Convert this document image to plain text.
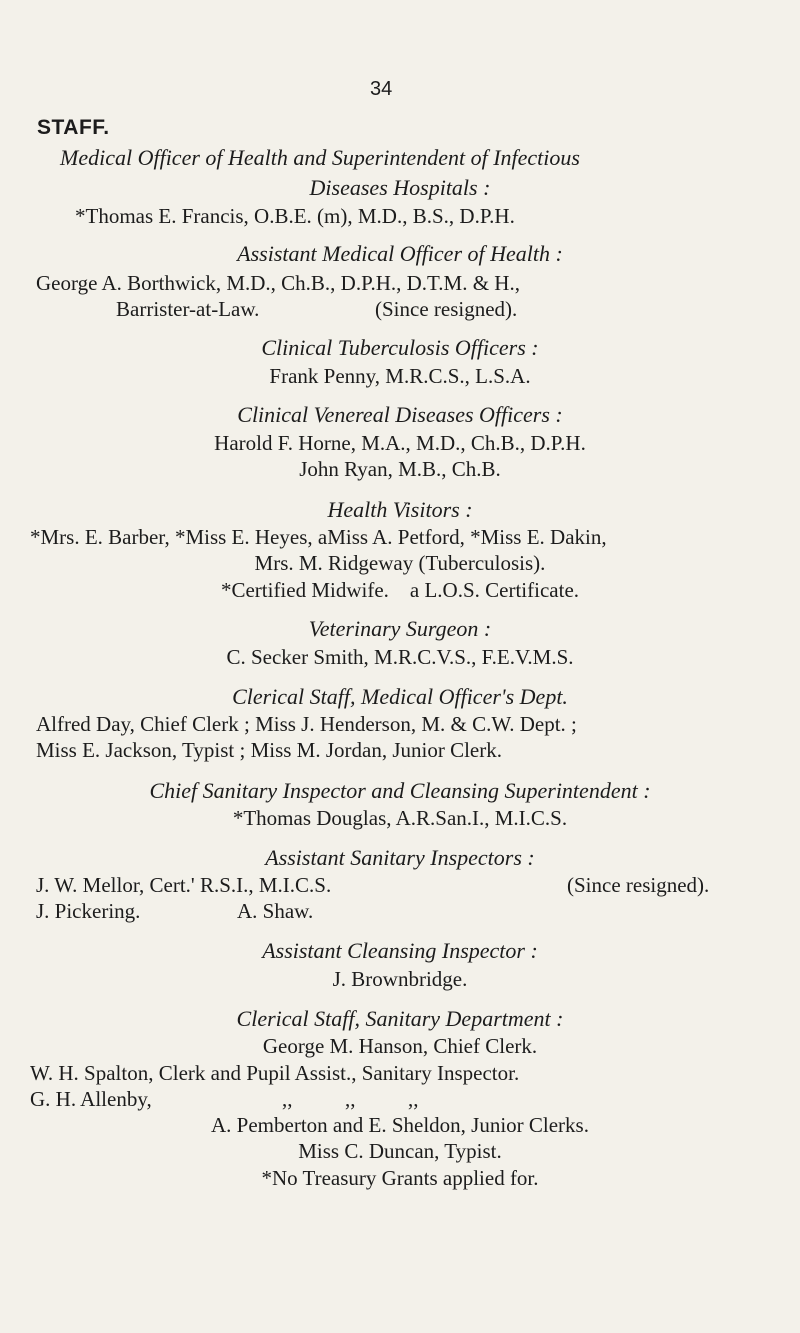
34
STAFF.
Medical Officer of Health and Superintendent of Infectious
Diseases Hospitals :
*Thomas E. Francis, O.B.E. (m), M.D., B.S., D.P.H.
Assistant Medical Officer of Health :
George A. Borthwick, M.D., Ch.B., D.P.H., D.T.M. & H.,
Barrister-at-Law.	(Since resigned).
Clinical Tuberculosis Officers :
Frank Penny, M.R.C.S., L.S.A.
Clinical Venereal Diseases Officers :
Harold F. Horne, M.A., M.D., Ch.B., D.P.H.
John Ryan, M.B., Ch.B.
Health Visitors :
*Mrs. E. Barber, *Miss E. Heyes, aMiss A. Petford, *Miss E. Dakin,
Mrs. M. Ridgeway (Tuberculosis).
*Certified Midwife.    a L.O.S. Certificate.
Veterinary Surgeon :
C. Secker Smith, M.R.C.V.S., F.E.V.M.S.
Clerical Staff, Medical Officer's Dept.
Alfred Day, Chief Clerk ; Miss J. Henderson, M. & C.W. Dept. ;
Miss E. Jackson, Typist ; Miss M. Jordan, Junior Clerk.
Chief Sanitary Inspector and Cleansing Superintendent :
*Thomas Douglas, A.R.San.I., M.I.C.S.
Assistant Sanitary Inspectors :
J. W. Mellor, Cert.' R.S.I., M.I.C.S.	(Since resigned).
J. Pickering.	A. Shaw.
Assistant Cleansing Inspector :
J. Brownbridge.
Clerical Staff, Sanitary Department :
George M. Hanson, Chief Clerk.
W. H. Spalton, Clerk and Pupil Assist., Sanitary Inspector.
G. H. Allenby,	,,          ,,          ,,
A. Pemberton and E. Sheldon, Junior Clerks.
Miss C. Duncan, Typist.
*No Treasury Grants applied for.
